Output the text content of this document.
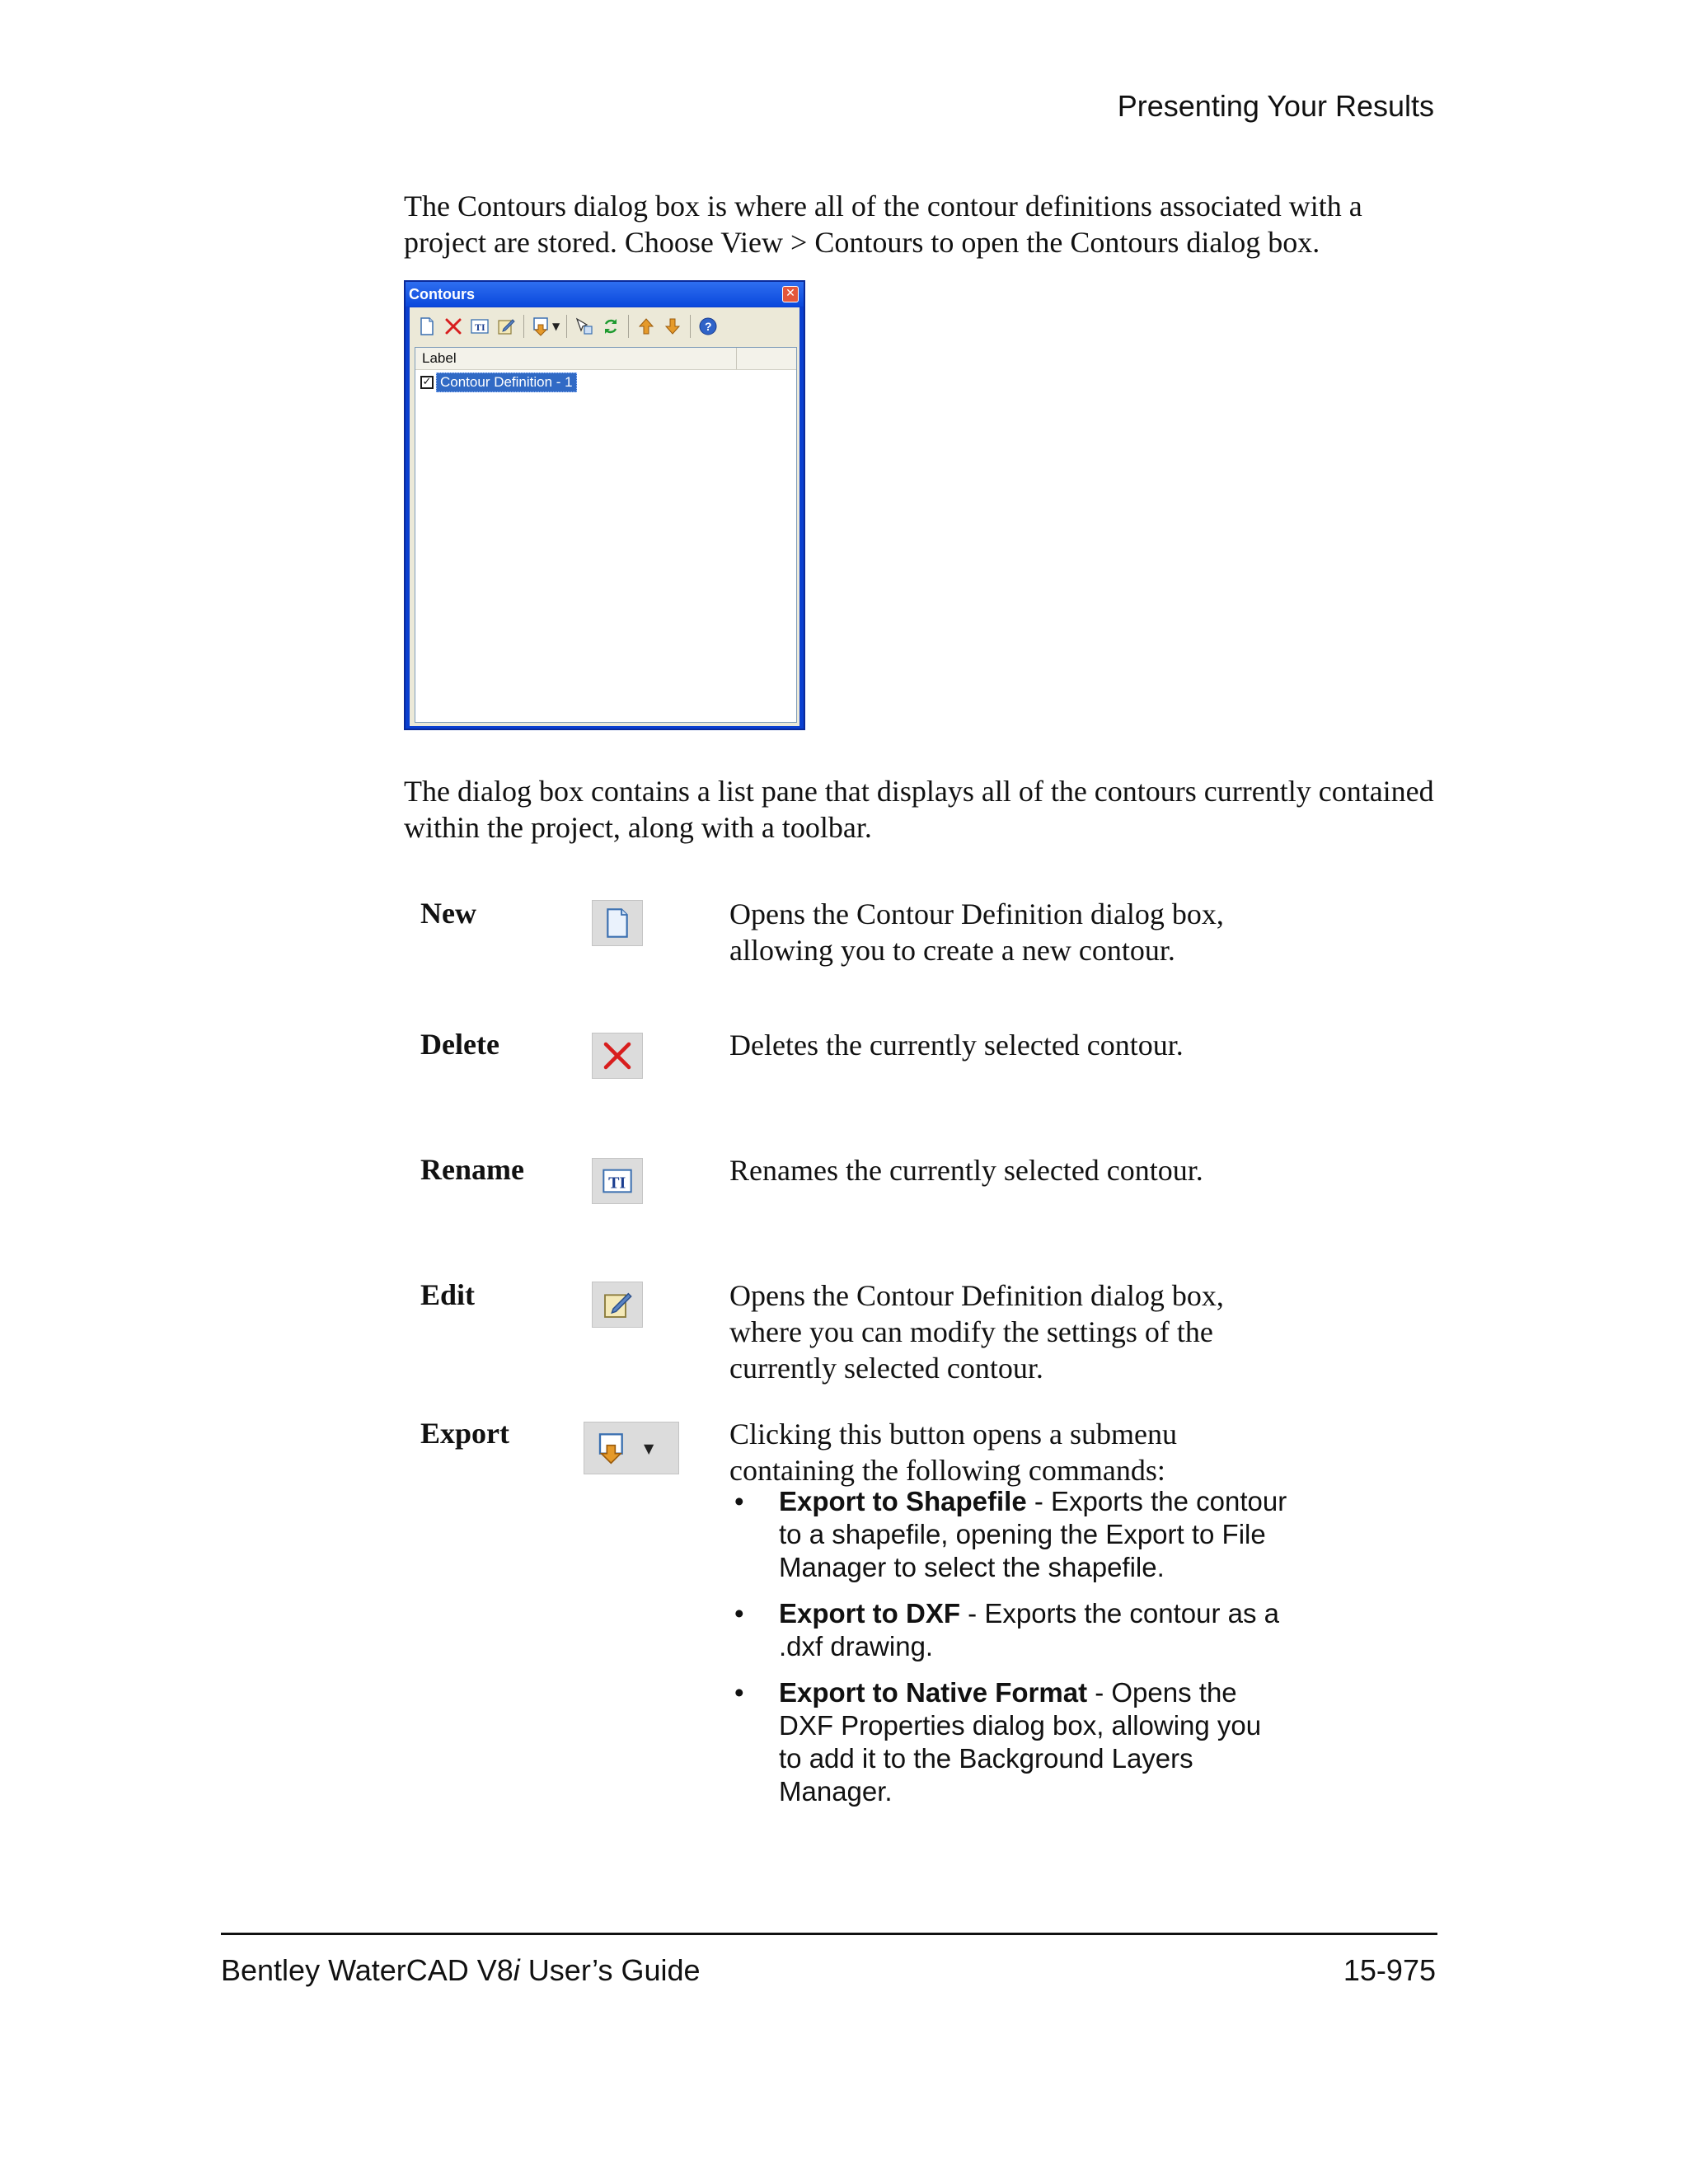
Presenting Your Results
The Contours dialog box is where all of the contour definitions associated with a
project are stored. Choose View > Contours to open the Contours dialog box.
Contours	✕
TI	▼	?
Label
✓ Contour Definition - 1
The dialog box contains a list pane that displays all of the contours currently contained
within the project, along with a toolbar.
New	Opens the Contour Definition dialog box,
allowing you to create a new contour.
Delete	Deletes the currently selected contour.
Rename	TI	Renames the currently selected contour.
Edit	Opens the Contour Definition dialog box,
where you can modify the settings of the
currently selected contour.
Export	▼	Clicking this button opens a submenu
containing the following commands:
• Export to Shapefile - Exports the contour to a shapefile, opening the Export to File Manager to select the shapefile.
• Export to DXF - Exports the contour as a .dxf drawing.
• Export to Native Format - Opens the DXF Properties dialog box, allowing you to add it to the Background Layers Manager.
Bentley WaterCAD V8i User’s Guide	15-975
